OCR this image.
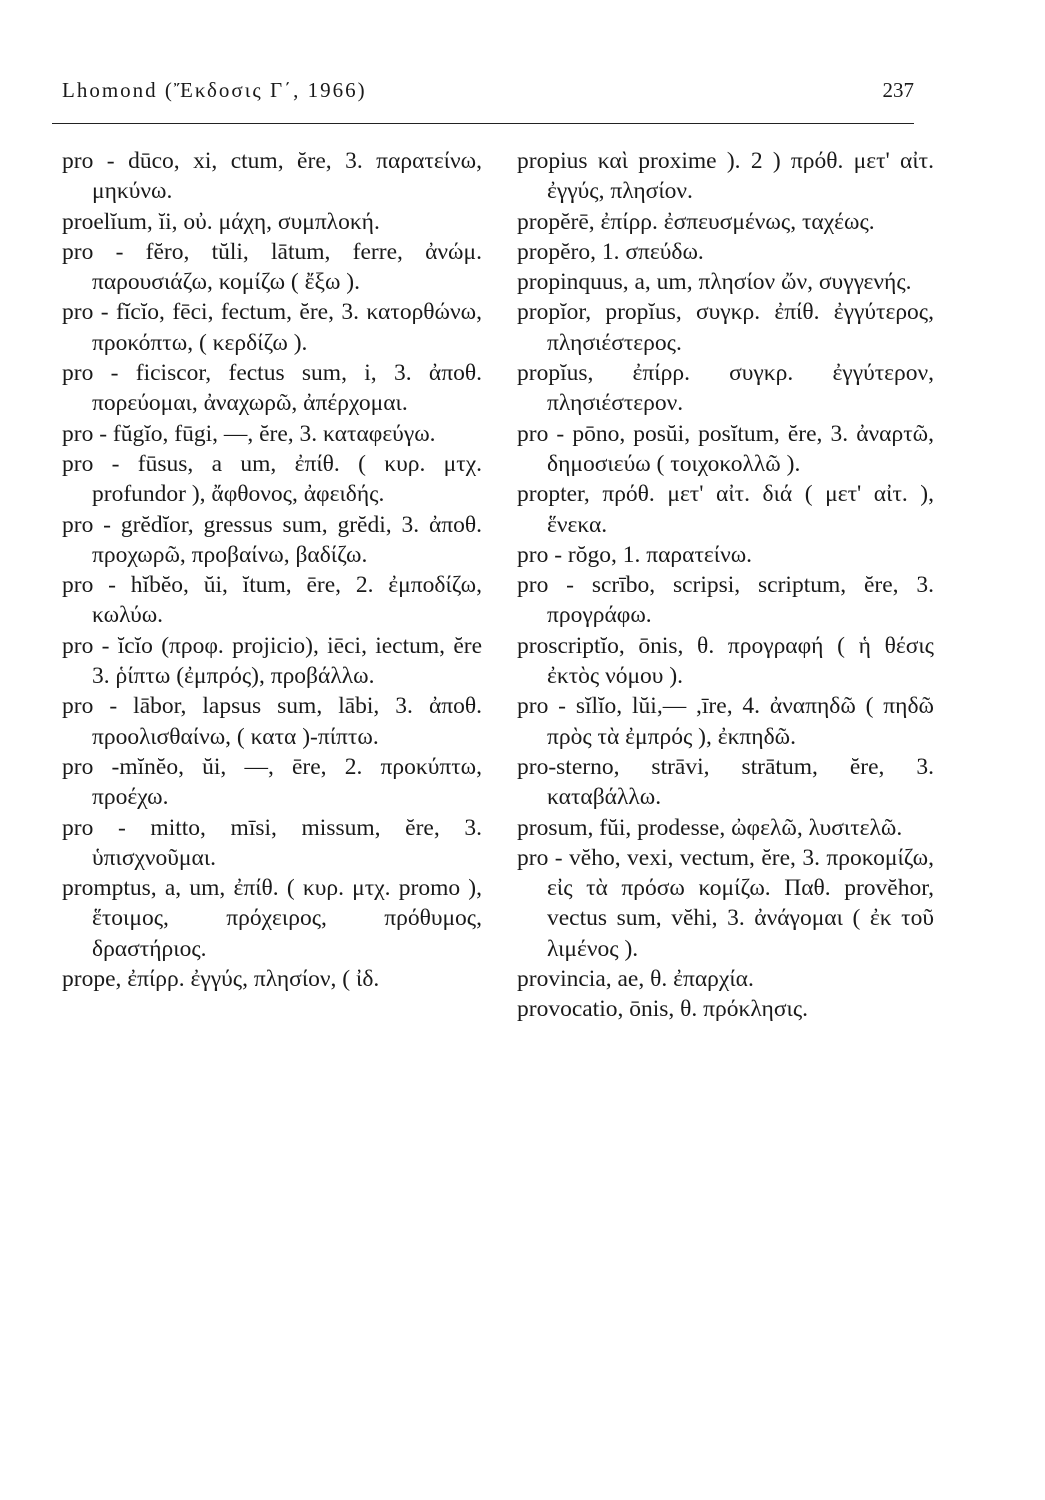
Lhomond (Ἔκδοσις Γ΄, 1966)	237

pro - dūco, xi, ctum, ĕre, 3. παρατείνω, μηκύνω.

proelĭum, ĭi, οὐ. μάχη, συμπλοκή.

pro - fĕro, tŭli, lātum, ferre, ἀνώμ. παρουσιάζω, κομίζω ( ἔξω ).

pro - fĭcĭo, fēci, fectum, ĕre, 3. κατορθώνω, προκόπτω, ( κερδίζω ).

pro - ficiscor, fectus sum, i, 3. ἀποθ. πορεύομαι, ἀναχωρῶ, ἀπέρχομαι.

pro - fŭgĭo, fūgi, —, ĕre, 3. καταφεύγω.

pro - fūsus, a um, ἐπίθ. ( κυρ. μτχ. profundor ), ἄφθονος, ἀφειδής.

pro - grĕdĭor, gressus sum, grĕdi, 3. ἀποθ. προχωρῶ, προβαίνω, βαδίζω.

pro - hĭbĕo, ŭi, ĭtum, ēre, 2. ἐμποδίζω, κωλύω.

pro - ĭcĭo (προφ. projicio), iēci, iectum, ĕre 3. ῥίπτω (ἐμπρός), προβάλλω.

pro - lābor, lapsus sum, lābi, 3. ἀποθ. προολισθαίνω, ( κατα )-πίπτω.

pro -mĭnĕo, ŭi, —, ēre, 2. προκύπτω, προέχω.

pro - mitto, mīsi, missum, ĕre, 3. ὑπισχνοῦμαι.

promptus, a, um, ἐπίθ. ( κυρ. μτχ. promo ), ἕτοιμος, πρόχειρος, πρόθυμος, δραστήριος.

prope, ἐπίρρ. ἐγγύς, πλησίον, ( ἰδ.

propius καὶ proxime ). 2 ) πρόθ. μετ' αἰτ. ἐγγύς, πλησίον.

propĕrē, ἐπίρρ. ἐσπευσμένως, ταχέως.

propĕro, 1. σπεύδω.

propinquus, a, um, πλησίον ὤν, συγγενής.

propĭor, propĭus, συγκρ. ἐπίθ. ἐγγύτερος, πλησιέστερος.

propĭus, ἐπίρρ. συγκρ. ἐγγύτερον, πλησιέστερον.

pro - pōno, posŭi, posĭtum, ĕre, 3. ἀναρτῶ, δημοσιεύω ( τοιχοκολλῶ ).

propter, πρόθ. μετ' αἰτ. διά ( μετ' αἰτ. ), ἕνεκα.

pro - rŏgo, 1. παρατείνω.

pro - scrībo, scripsi, scriptum, ĕre, 3. προγράφω.

proscriptĭo, ōnis, θ. προγραφή ( ἡ θέσις ἐκτὸς νόμου ).

pro - sĭlĭo, lŭi,— ,īre, 4. ἀναπηδῶ ( πηδῶ πρὸς τὰ ἐμπρός ), ἐκπηδῶ.

pro-sterno, strāvi, strātum, ĕre, 3. καταβάλλω.

prosum, fŭi, prodesse, ὠφελῶ, λυσιτελῶ.

pro - vĕho, vexi, vectum, ĕre, 3. προκομίζω, εἰς τὰ πρόσω κομίζω. Παθ. provĕhor, vectus sum, vĕhi, 3. ἀνάγομαι ( ἐκ τοῦ λιμένος ).

provincia, ae, θ. ἐπαρχία.

provocatio, ōnis, θ. πρόκλησις.
